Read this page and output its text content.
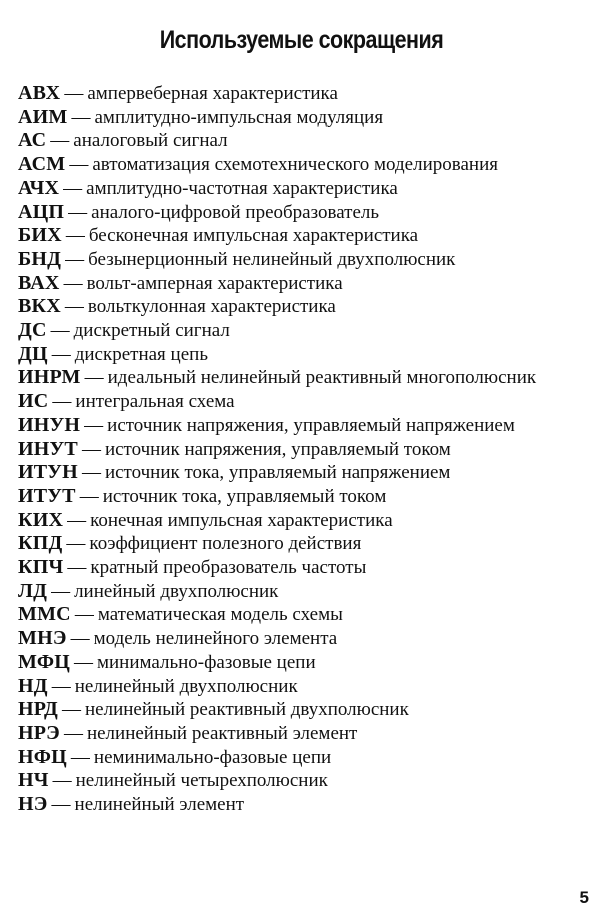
Используемые сокращения
АВХ — ампервеберная характеристика
АИМ — амплитудно-импульсная модуляция
АС — аналоговый сигнал
АСМ — автоматизация схемотехнического моделирования
АЧХ — амплитудно-частотная характеристика
АЦП — аналого-цифровой преобразователь
БИХ — бесконечная импульсная характеристика
БНД — безынерционный нелинейный двухполюсник
ВАХ — вольт-амперная характеристика
ВКХ — вольткулонная характеристика
ДС — дискретный сигнал
ДЦ — дискретная цепь
ИНРМ — идеальный нелинейный реактивный многополюсник
ИС — интегральная схема
ИНУН — источник напряжения, управляемый напряжением
ИНУТ — источник напряжения, управляемый током
ИТУН — источник тока, управляемый напряжением
ИТУТ — источник тока, управляемый током
КИХ — конечная импульсная характеристика
КПД — коэффициент полезного действия
КПЧ — кратный преобразователь частоты
ЛД — линейный двухполюсник
ММС — математическая модель схемы
МНЭ — модель нелинейного элемента
МФЦ — минимально-фазовые цепи
НД — нелинейный двухполюсник
НРД — нелинейный реактивный двухполюсник
НРЭ — нелинейный реактивный элемент
НФЦ — неминимально-фазовые цепи
НЧ — нелинейный четырехполюсник
НЭ — нелинейный элемент
5
